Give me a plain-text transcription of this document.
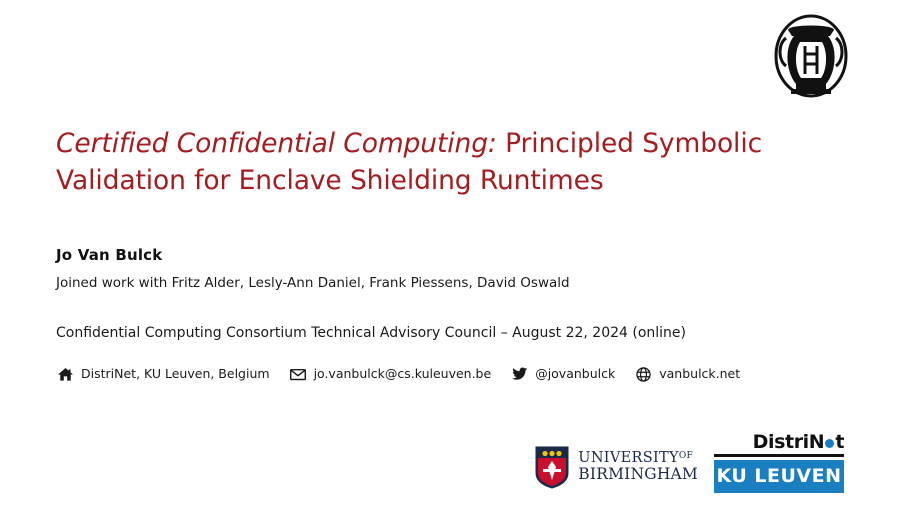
Certified Confidential Computing: Principled Symbolic Validation for Enclave Shielding Runtimes
Jo Van Bulck
Joined work with Fritz Alder, Lesly-Ann Daniel, Frank Piessens, David Oswald
Confidential Computing Consortium Technical Advisory Council – August 22, 2024 (online)
DistriNet, KU Leuven, Belgium	jo.vanbulck@cs.kuleuven.be	@jovanbulck	vanbulck.net
$UNIVERSITY^{OF}$
BIRMINGHAM
DistriN t
KU LEUVEN
